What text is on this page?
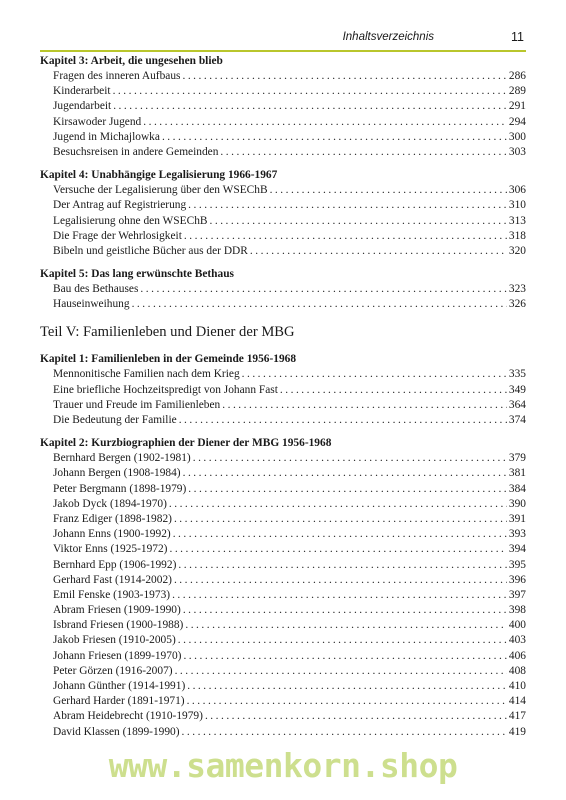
Inhaltsverzeichnis	11
Kapitel 3: Arbeit, die ungesehen blieb
Fragen des inneren Aufbaus .....	286
Kinderarbeit .....	289
Jugendarbeit .....	291
Kirsawoder Jugend .....	294
Jugend in Michajlowka .....	300
Besuchsreisen in andere Gemeinden .....	303
Kapitel 4: Unabhängige Legalisierung 1966-1967
Versuche der Legalisierung über den WSEChB .....	306
Der Antrag auf Registrierung .....	310
Legalisierung ohne den WSEChB .....	313
Die Frage der Wehrlosigkeit .....	318
Bibeln und geistliche Bücher aus der DDR .....	320
Kapitel 5: Das lang erwünschte Bethaus
Bau des Bethauses .....	323
Hauseinweihung .....	326
Teil V: Familienleben und Diener der MBG
Kapitel 1: Familienleben in der Gemeinde 1956-1968
Mennonitische Familien nach dem Krieg .....	335
Eine briefliche Hochzeitspredigt von Johann Fast .....	349
Trauer und Freude im Familienleben .....	364
Die Bedeutung der Familie .....	374
Kapitel 2: Kurzbiographien der Diener der MBG 1956-1968
Bernhard Bergen (1902-1981) .....	379
Johann Bergen (1908-1984) .....	381
Peter Bergmann (1898-1979) .....	384
Jakob Dyck (1894-1970) .....	390
Franz Ediger (1898-1982) .....	391
Johann Enns (1900-1992) .....	393
Viktor Enns (1925-1972) .....	394
Bernhard Epp (1906-1992) .....	395
Gerhard Fast (1914-2002) .....	396
Emil Fenske (1903-1973) .....	397
Abram Friesen (1909-1990) .....	398
Isbrand Friesen (1900-1988) .....	400
Jakob Friesen (1910-2005) .....	403
Johann Friesen (1899-1970) .....	406
Peter Görzen (1916-2007) .....	408
Johann Günther (1914-1991) .....	410
Gerhard Harder (1891-1971) .....	414
Abram Heidebrecht (1910-1979) .....	417
David Klassen (1899-1990) .....	419
www.samenkorn.shop
